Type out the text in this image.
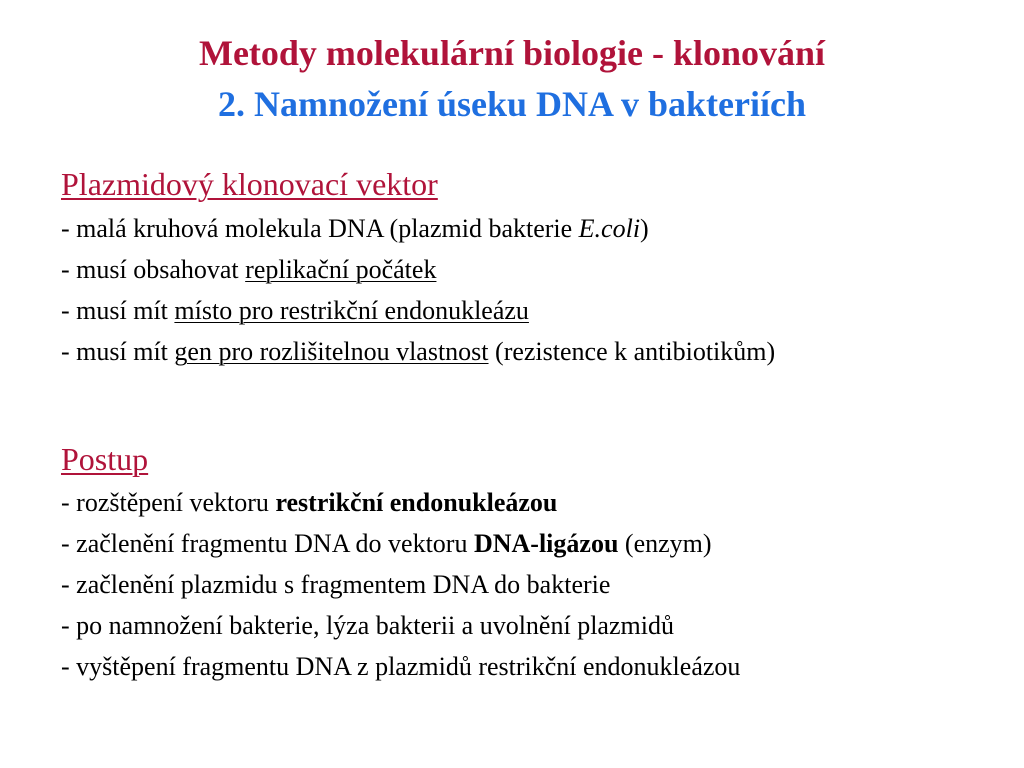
Metody molekulární biologie - klonování
2. Namnožení úseku DNA v bakteriích
Plazmidový klonovací vektor
- malá kruhová molekula DNA (plazmid bakterie E.coli)
- musí obsahovat replikační počátek
- musí mít místo pro restrikční endonukleázu
- musí mít gen pro rozlišitelnou vlastnost (rezistence k antibiotikům)
Postup
- rozštěpení vektoru restrikční endonukleázou
- začlenění fragmentu DNA do vektoru DNA-ligázou (enzym)
- začlenění plazmidu s fragmentem DNA do bakterie
- po namnožení bakterie, lýza bakterii a uvolnění plazmidů
- vyštěpení fragmentu DNA z plazmidů restrikční endonukleázou
